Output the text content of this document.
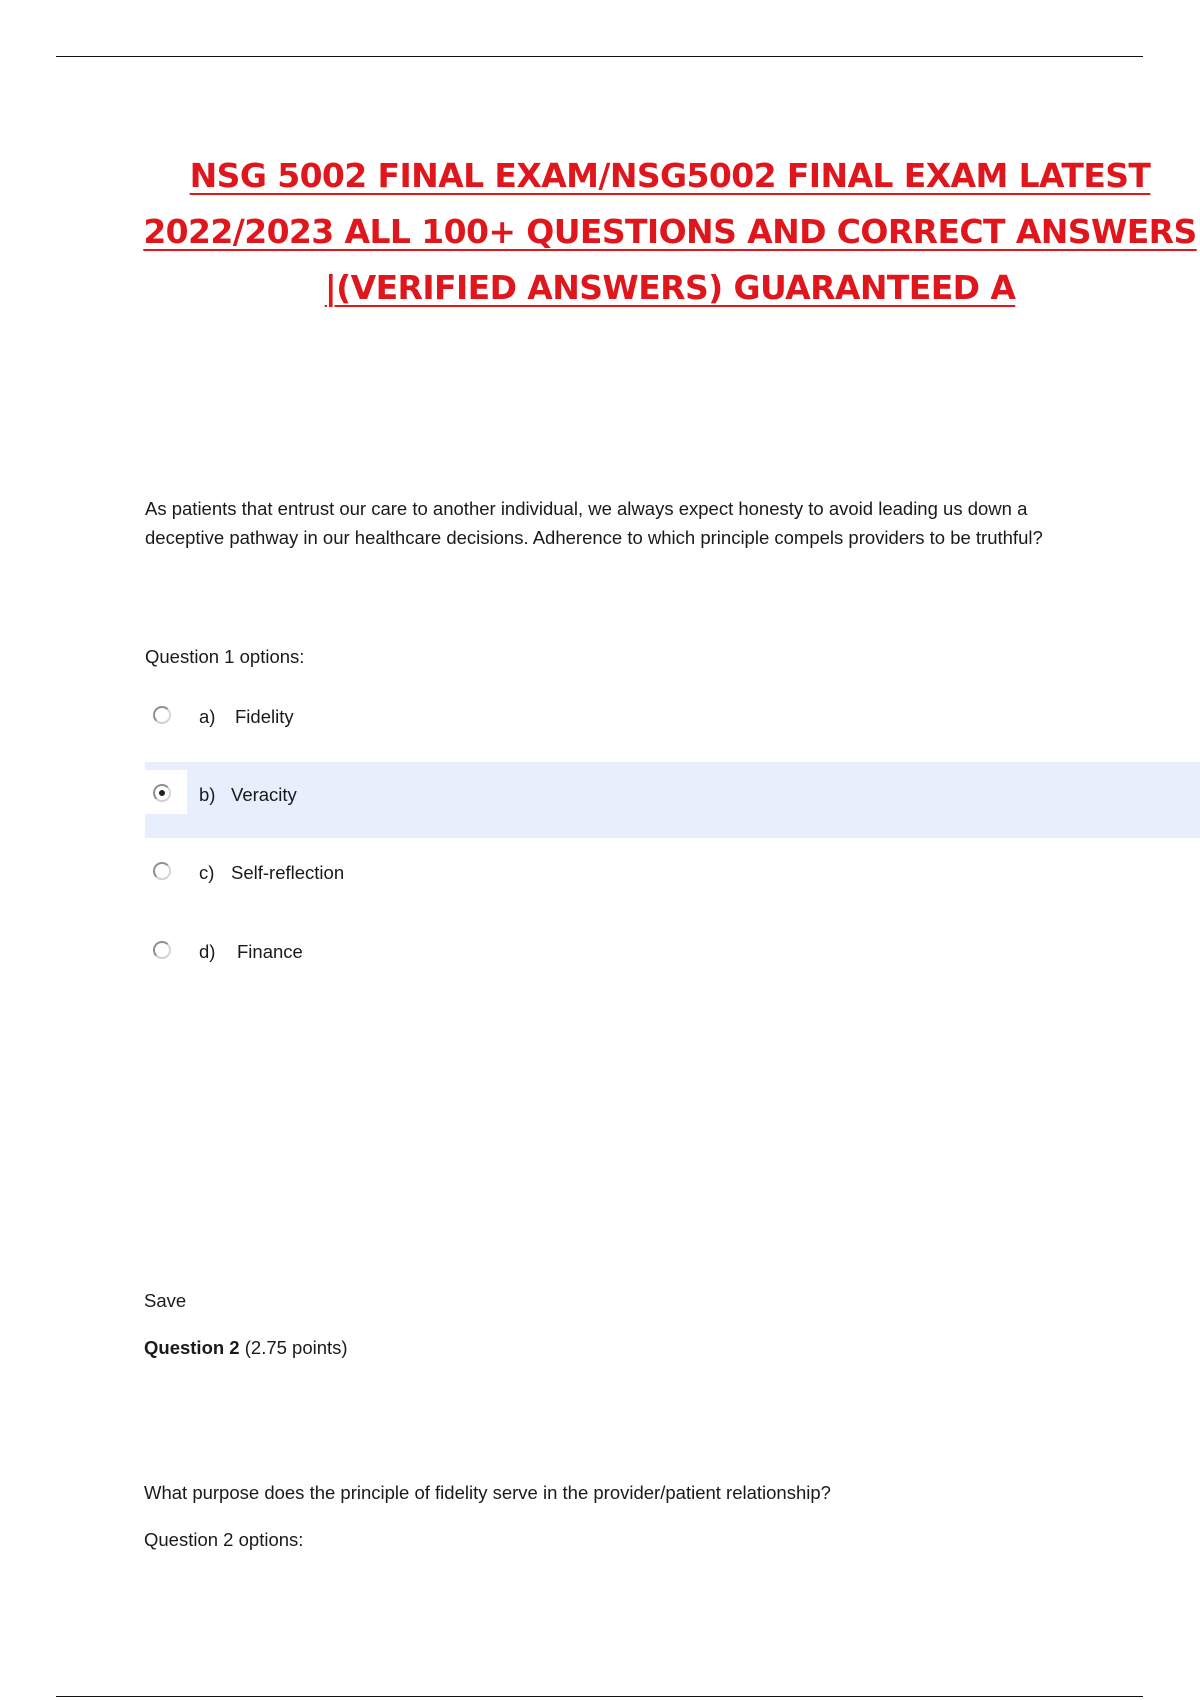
NSG 5002 FINAL EXAM/NSG5002 FINAL EXAM LATEST
2022/2023 ALL 100+ QUESTIONS AND CORRECT ANSWERS
|(VERIFIED ANSWERS) GUARANTEED A
As patients that entrust our care to another individual, we always expect honesty to avoid leading us down a deceptive pathway in our healthcare decisions. Adherence to which principle compels providers to be truthful?
Question 1 options:
a) Fidelity
b) Veracity
c) Self-reflection
d) Finance
Save
Question 2 (2.75 points)
What purpose does the principle of fidelity serve in the provider/patient relationship?
Question 2 options:
